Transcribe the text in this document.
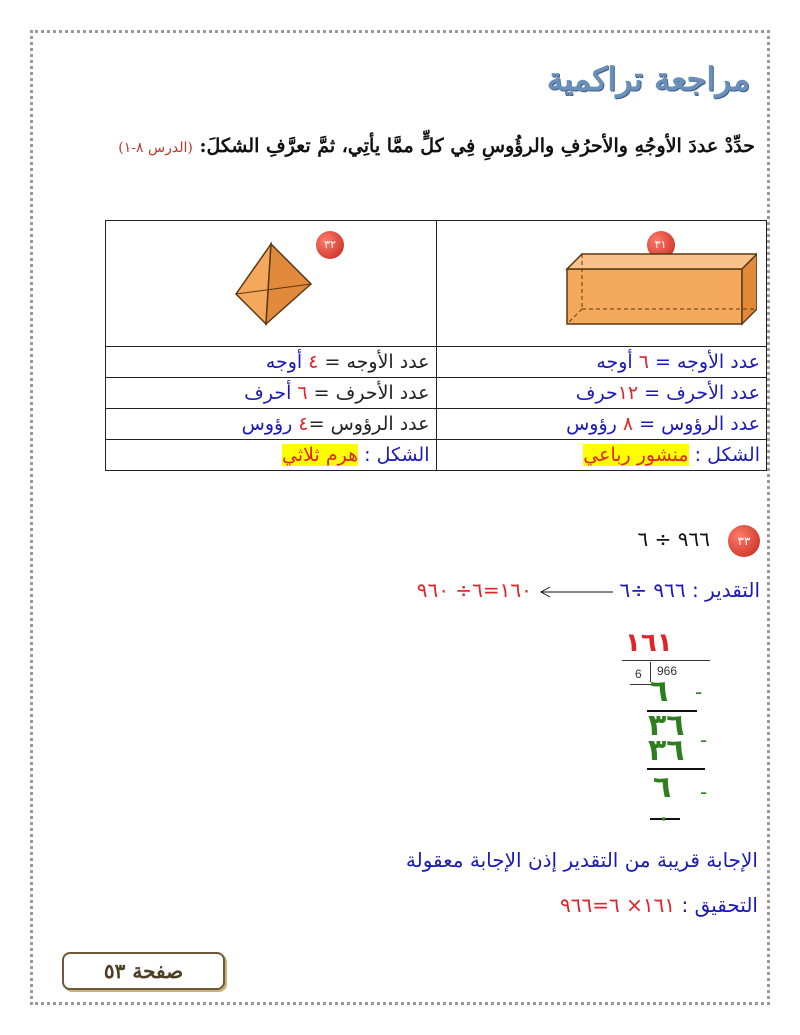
مراجعة تراكمية
حدِّدْ عددَ الأوجُهِ والأحرُفِ والرؤُوسِ فِي كلٍّ ممَّا يأتِي، ثمَّ تعرَّفِ الشكلَ: (الدرس ٨-١)
٣١	٣٢

عدد الأوجه = ٦ أوجه	عدد الأوجه = ٤ أوجه
عدد الأحرف = ١٢حرف	عدد الأحرف = ٦ أحرف
عدد الرؤوس = ٨ رؤوس	عدد الرؤوس =٤ رؤوس
الشكل : منشور رباعي	الشكل : هرم ثلاثي
٣٣
٩٦٦ ÷ ٦
التقدير : ٩٦٦ ÷٦  ١٦٠=٦÷ ٩٦٠
١٦١
6 966
٦ -
٣٦ -
٣٦
٦ -
٠
الإجابة قريبة من التقدير إذن الإجابة معقولة
التحقيق : ١٦١× ٦=٩٦٦
صفحة ٥٣
